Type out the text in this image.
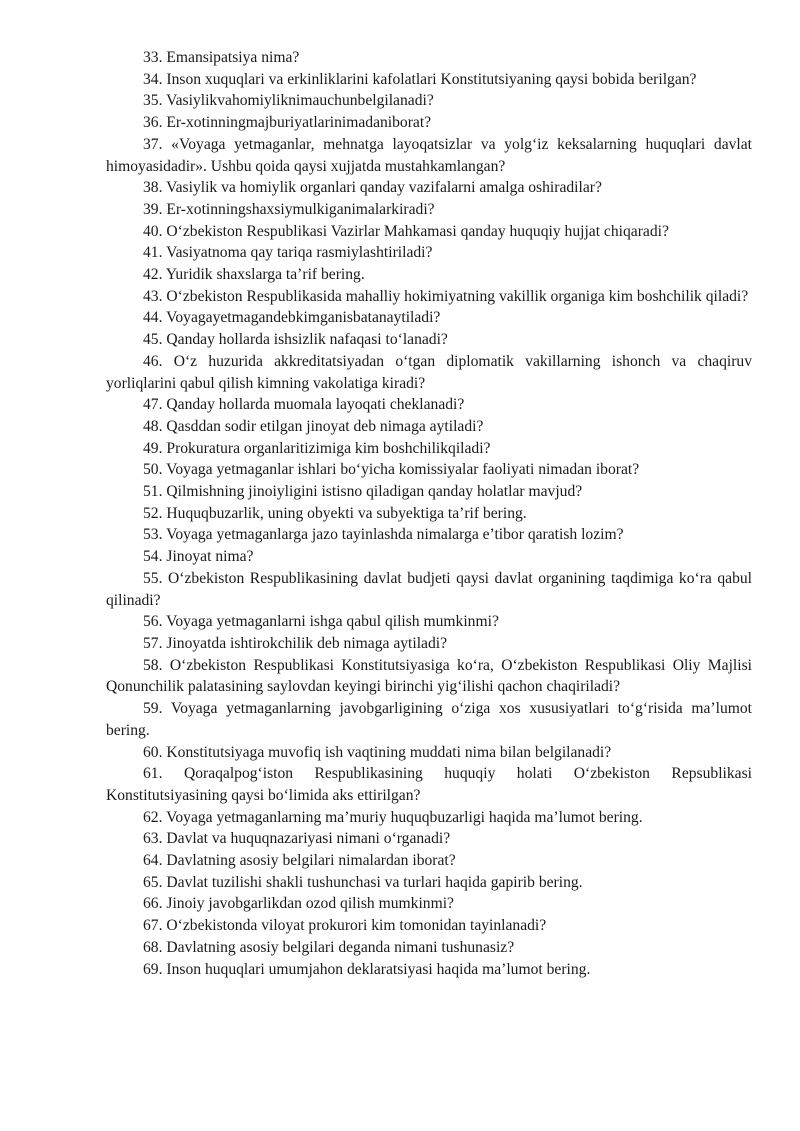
33. Emansipatsiya nima?

34. Inson xuquqlari va erkinliklarini kafolatlari Konstitutsiyaning qaysi bobida berilgan?

35. Vasiylikvahomiyliknimauchunbelgilanadi?

36. Er-xotinningmajburiyatlarinimadaniborat?

37. «Voyaga yetmaganlar, mehnatga layoqatsizlar va yolg‘iz keksalarning huquqlari davlat himoyasidadir». Ushbu qoida qaysi xujjatda mustahkamlangan?

38. Vasiylik va homiylik organlari qanday vazifalarni amalga oshiradilar?

39. Er-xotinningshaxsiymulkiganimalarkiradi?

40. O‘zbekiston Respublikasi Vazirlar Mahkamasi qanday huquqiy hujjat chiqaradi?

41. Vasiyatnoma qay tariqa rasmiylashtiriladi?

42. Yuridik shaxslarga ta’rif bering.

43. O‘zbekiston Respublikasida mahalliy hokimiyatning vakillik organiga kim boshchilik qiladi?

44. Voyagayetmagandebkimganisbatanaytiladi?

45. Qanday hollarda ishsizlik nafaqasi to‘lanadi?

46. O‘z huzurida akkreditatsiyadan o‘tgan diplomatik vakillarning ishonch va chaqiruv yorliqlarini qabul qilish kimning vakolatiga kiradi?

47. Qanday hollarda muomala layoqati cheklanadi?

48. Qasddan sodir etilgan jinoyat deb nimaga aytiladi?

49. Prokuratura organlaritizimiga kim boshchilikqiladi?

50. Voyaga yetmaganlar ishlari bo‘yicha komissiyalar faoliyati nimadan iborat?

51. Qilmishning jinoiyligini istisno qiladigan qanday holatlar mavjud?

52. Huquqbuzarlik, uning obyekti va subyektiga ta’rif bering.

53. Voyaga yetmaganlarga jazo tayinlashda nimalarga e’tibor qaratish lozim?

54. Jinoyat nima?

55. O‘zbekiston Respublikasining davlat budjeti qaysi davlat organining taqdimiga ko‘ra qabul qilinadi?

56. Voyaga yetmaganlarni ishga qabul qilish mumkinmi?

57. Jinoyatda ishtirokchilik deb nimaga aytiladi?

58. O‘zbekiston Respublikasi Konstitutsiyasiga ko‘ra, O‘zbekiston Respublikasi Oliy Majlisi Qonunchilik palatasining saylovdan keyingi birinchi yig‘ilishi qachon chaqiriladi?

59. Voyaga yetmaganlarning javobgarligining o‘ziga xos xususiyatlari to‘g‘risida ma’lumot bering.

60. Konstitutsiyaga muvofiq ish vaqtining muddati nima bilan belgilanadi?

61. Qoraqalpog‘iston Respublikasining huquqiy holati O‘zbekiston Repsublikasi Konstitutsiyasining qaysi bo‘limida aks ettirilgan?

62. Voyaga yetmaganlarning ma’muriy huquqbuzarligi haqida ma’lumot bering.

63. Davlat va huquqnazariyasi nimani o‘rganadi?

64. Davlatning asosiy belgilari nimalardan iborat?

65. Davlat tuzilishi shakli tushunchasi va turlari haqida gapirib bering.

66. Jinoiy javobgarlikdan ozod qilish mumkinmi?

67. O‘zbekistonda viloyat prokurori kim tomonidan tayinlanadi?

68. Davlatning asosiy belgilari deganda nimani tushunasiz?

69. Inson huquqlari umumjahon deklaratsiyasi haqida ma’lumot bering.
